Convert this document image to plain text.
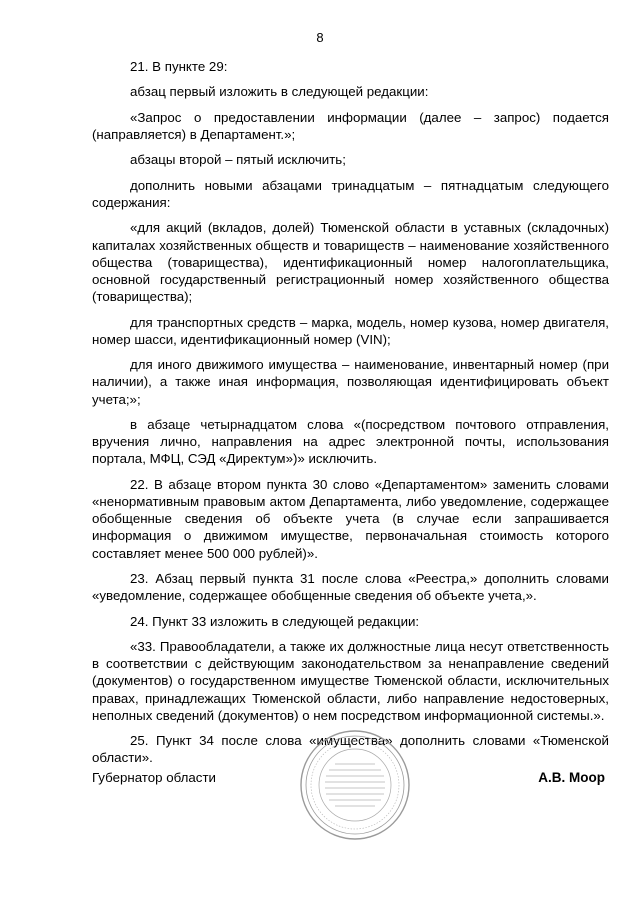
8

21. В пункте 29:

абзац первый изложить в следующей редакции:

«Запрос о предоставлении информации (далее – запрос) подается (направляется) в Департамент.»;

абзацы второй – пятый исключить;

дополнить новыми абзацами тринадцатым – пятнадцатым следующего содержания:

«для акций (вкладов, долей) Тюменской области в уставных (складочных) капиталах хозяйственных обществ и товариществ – наименование хозяйственного общества (товарищества), идентификационный номер налогоплательщика, основной государственный регистрационный номер хозяйственного общества (товарищества);

для транспортных средств – марка, модель, номер кузова, номер двигателя, номер шасси, идентификационный номер (VIN);

для иного движимого имущества – наименование, инвентарный номер (при наличии), а также иная информация, позволяющая идентифицировать объект учета;»;

в абзаце четырнадцатом слова «(посредством почтового отправления, вручения лично, направления на адрес электронной почты, использования портала, МФЦ, СЭД «Директум»)» исключить.

22. В абзаце втором пункта 30 слово «Департаментом» заменить словами «ненормативным правовым актом Департамента, либо уведомление, содержащее обобщенные сведения об объекте учета (в случае если запрашивается информация о движимом имуществе, первоначальная стоимость которого составляет менее 500 000 рублей)».

23. Абзац первый пункта 31 после слова «Реестра,» дополнить словами «уведомление, содержащее обобщенные сведения об объекте учета,».

24. Пункт 33 изложить в следующей редакции:

«33. Правообладатели, а также их должностные лица несут ответственность в соответствии с действующим законодательством за ненаправление сведений (документов) о государственном имуществе Тюменской области, исключительных правах, принадлежащих Тюменской области, либо направление недостоверных, неполных сведений (документов) о нем посредством информационной системы.».

25. Пункт 34 после слова «имущества» дополнить словами «Тюменской области».

Губернатор области	А.В. Моор
